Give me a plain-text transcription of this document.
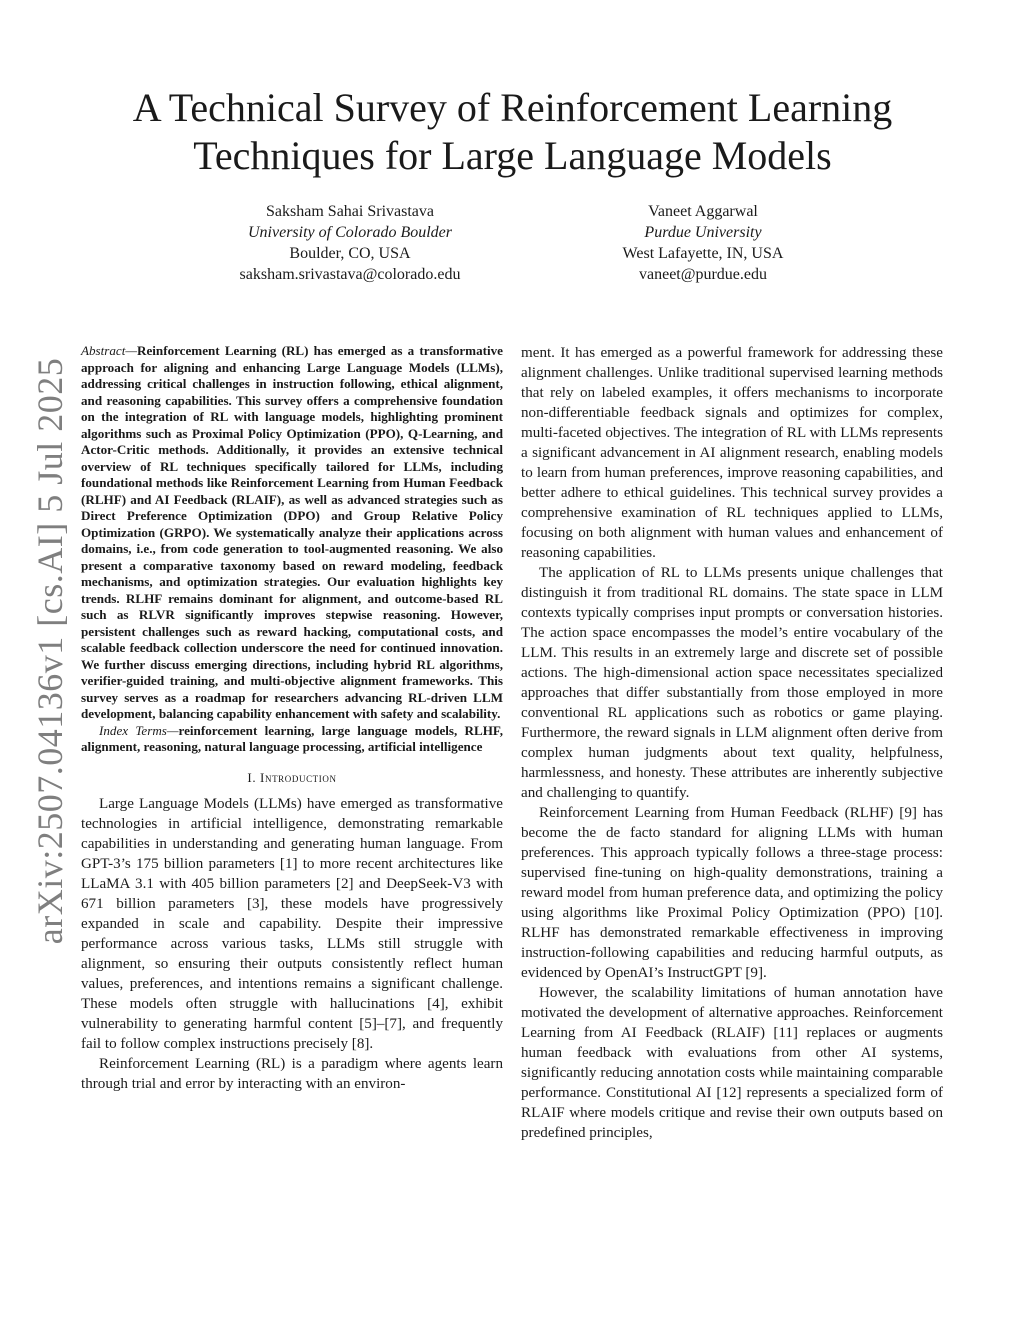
arXiv:2507.04136v1 [cs.AI] 5 Jul 2025
A Technical Survey of Reinforcement Learning
Techniques for Large Language Models
Saksham Sahai Srivastava
University of Colorado Boulder
Boulder, CO, USA
saksham.srivastava@colorado.edu
Vaneet Aggarwal
Purdue University
West Lafayette, IN, USA
vaneet@purdue.edu

Abstract—Reinforcement Learning (RL) has emerged as a transformative approach for aligning and enhancing Large Language Models (LLMs), addressing critical challenges in instruction following, ethical alignment, and reasoning capabilities. This survey offers a comprehensive foundation on the integration of RL with language models, highlighting prominent algorithms such as Proximal Policy Optimization (PPO), Q-Learning, and Actor-Critic methods. Additionally, it provides an extensive technical overview of RL techniques specifically tailored for LLMs, including foundational methods like Reinforcement Learning from Human Feedback (RLHF) and AI Feedback (RLAIF), as well as advanced strategies such as Direct Preference Optimization (DPO) and Group Relative Policy Optimization (GRPO). We systematically analyze their applications across domains, i.e., from code generation to tool-augmented reasoning. We also present a comparative taxonomy based on reward modeling, feedback mechanisms, and optimization strategies. Our evaluation highlights key trends. RLHF remains dominant for alignment, and outcome-based RL such as RLVR significantly improves stepwise reasoning. However, persistent challenges such as reward hacking, computational costs, and scalable feedback collection underscore the need for continued innovation. We further discuss emerging directions, including hybrid RL algorithms, verifier-guided training, and multi-objective alignment frameworks. This survey serves as a roadmap for researchers advancing RL-driven LLM development, balancing capability enhancement with safety and scalability.

Index Terms—reinforcement learning, large language models, RLHF, alignment, reasoning, natural language processing, artificial intelligence

I. Introduction

Large Language Models (LLMs) have emerged as transformative technologies in artificial intelligence, demonstrating remarkable capabilities in understanding and generating human language. From GPT-3’s 175 billion parameters [1] to more recent architectures like LLaMA 3.1 with 405 billion parameters [2] and DeepSeek-V3 with 671 billion parameters [3], these models have progressively expanded in scale and capability. Despite their impressive performance across various tasks, LLMs still struggle with alignment, so ensuring their outputs consistently reflect human values, preferences, and intentions remains a significant challenge. These models often struggle with hallucinations [4], exhibit vulnerability to generating harmful content [5]–[7], and frequently fail to follow complex instructions precisely [8].

Reinforcement Learning (RL) is a paradigm where agents learn through trial and error by interacting with an environ-

ment. It has emerged as a powerful framework for addressing these alignment challenges. Unlike traditional supervised learning methods that rely on labeled examples, it offers mechanisms to incorporate non-differentiable feedback signals and optimizes for complex, multi-faceted objectives. The integration of RL with LLMs represents a significant advancement in AI alignment research, enabling models to learn from human preferences, improve reasoning capabilities, and better adhere to ethical guidelines. This technical survey provides a comprehensive examination of RL techniques applied to LLMs, focusing on both alignment with human values and enhancement of reasoning capabilities.

The application of RL to LLMs presents unique challenges that distinguish it from traditional RL domains. The state space in LLM contexts typically comprises input prompts or conversation histories. The action space encompasses the model’s entire vocabulary of the LLM. This results in an extremely large and discrete set of possible actions. The high-dimensional action space necessitates specialized approaches that differ substantially from those employed in more conventional RL applications such as robotics or game playing. Furthermore, the reward signals in LLM alignment often derive from complex human judgments about text quality, helpfulness, harmlessness, and honesty. These attributes are inherently subjective and challenging to quantify.

Reinforcement Learning from Human Feedback (RLHF) [9] has become the de facto standard for aligning LLMs with human preferences. This approach typically follows a three-stage process: supervised fine-tuning on high-quality demonstrations, training a reward model from human preference data, and optimizing the policy using algorithms like Proximal Policy Optimization (PPO) [10]. RLHF has demonstrated remarkable effectiveness in improving instruction-following capabilities and reducing harmful outputs, as evidenced by OpenAI’s InstructGPT [9].

However, the scalability limitations of human annotation have motivated the development of alternative approaches. Reinforcement Learning from AI Feedback (RLAIF) [11] replaces or augments human feedback with evaluations from other AI systems, significantly reducing annotation costs while maintaining comparable performance. Constitutional AI [12] represents a specialized form of RLAIF where models critique and revise their own outputs based on predefined principles,
